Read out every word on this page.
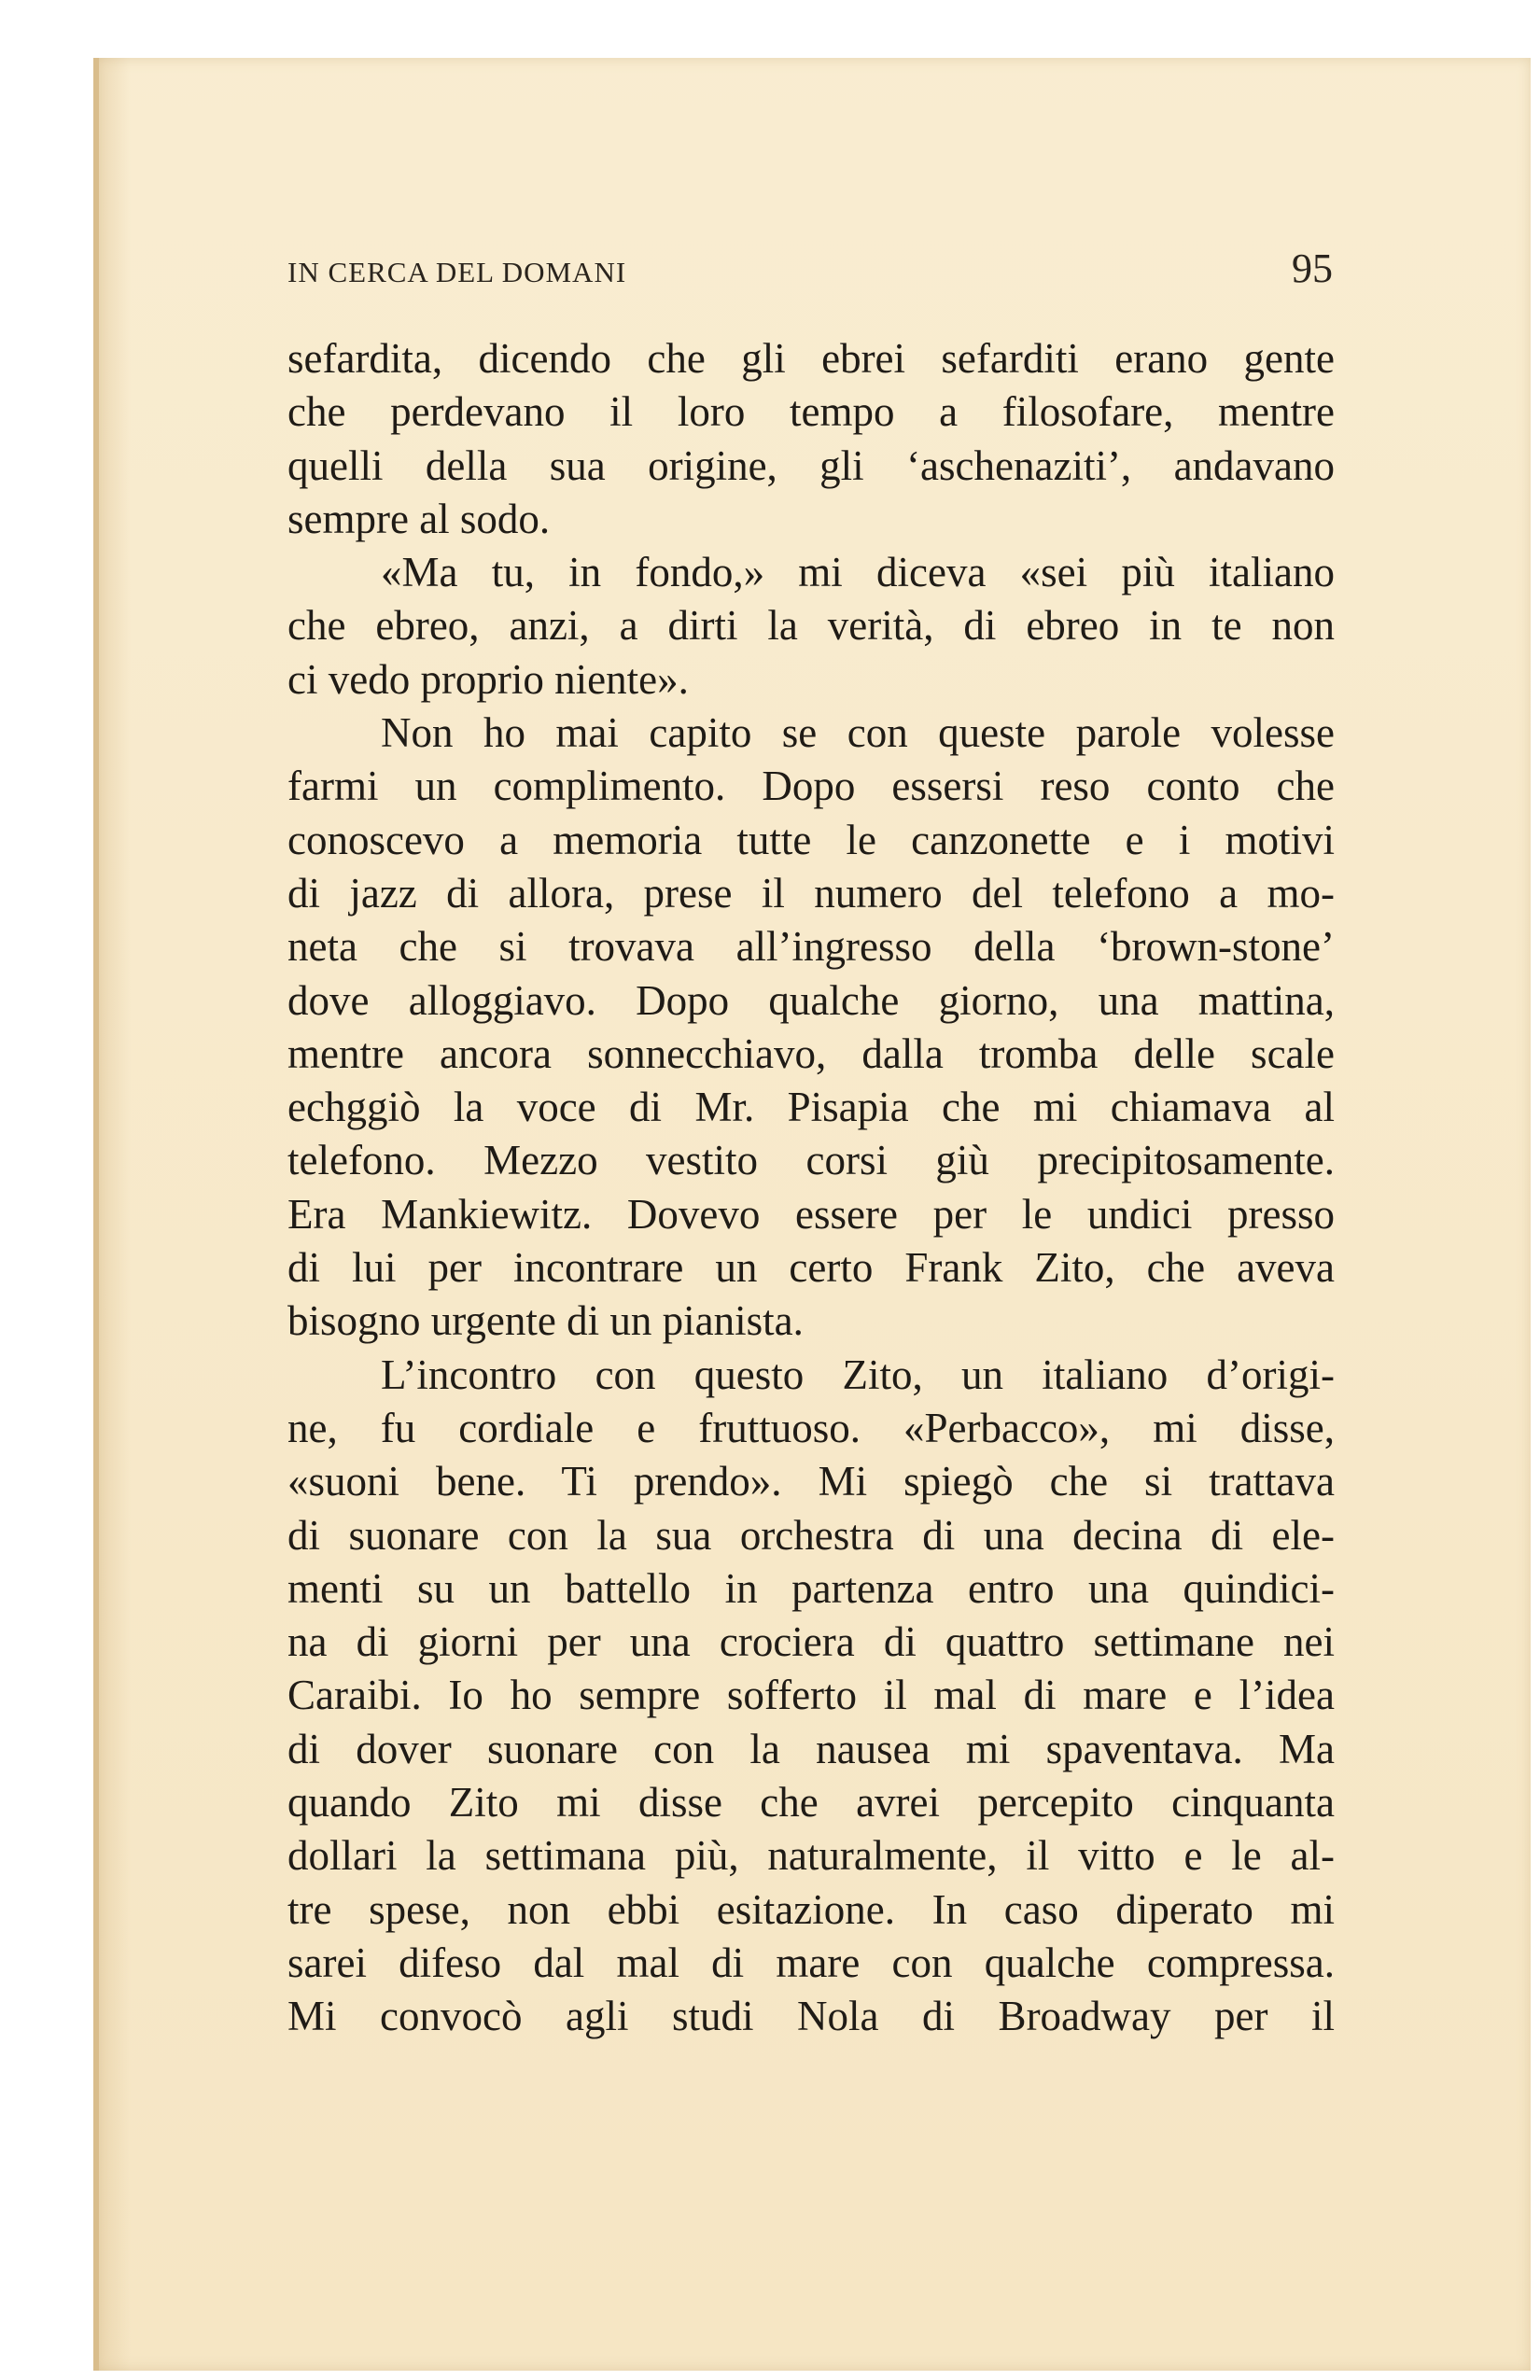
IN CERCA DEL DOMANI	95
sefardita, dicendo che gli ebrei sefarditi erano gente
che perdevano il loro tempo a filosofare, mentre
quelli della sua origine, gli ‘aschenaziti’, andavano
sempre al sodo.
«Ma tu, in fondo,» mi diceva «sei più italiano
che ebreo, anzi, a dirti la verità, di ebreo in te non
ci vedo proprio niente».
Non ho mai capito se con queste parole volesse
farmi un complimento. Dopo essersi reso conto che
conoscevo a memoria tutte le canzonette e i motivi
di jazz di allora, prese il numero del telefono a mo-
neta che si trovava all’ingresso della ‘brown-stone’
dove alloggiavo. Dopo qualche giorno, una mattina,
mentre ancora sonnecchiavo, dalla tromba delle scale
echggiò la voce di Mr. Pisapia che mi chiamava al
telefono. Mezzo vestito corsi giù precipitosamente.
Era Mankiewitz. Dovevo essere per le undici presso
di lui per incontrare un certo Frank Zito, che aveva
bisogno urgente di un pianista.
L’incontro con questo Zito, un italiano d’origi-
ne, fu cordiale e fruttuoso. «Perbacco», mi disse,
«suoni bene. Ti prendo». Mi spiegò che si trattava
di suonare con la sua orchestra di una decina di ele-
menti su un battello in partenza entro una quindici-
na di giorni per una crociera di quattro settimane nei
Caraibi. Io ho sempre sofferto il mal di mare e l’idea
di dover suonare con la nausea mi spaventava. Ma
quando Zito mi disse che avrei percepito cinquanta
dollari la settimana più, naturalmente, il vitto e le al-
tre spese, non ebbi esitazione. In caso diperato mi
sarei difeso dal mal di mare con qualche compressa.
Mi convocò agli studi Nola di Broadway per il
